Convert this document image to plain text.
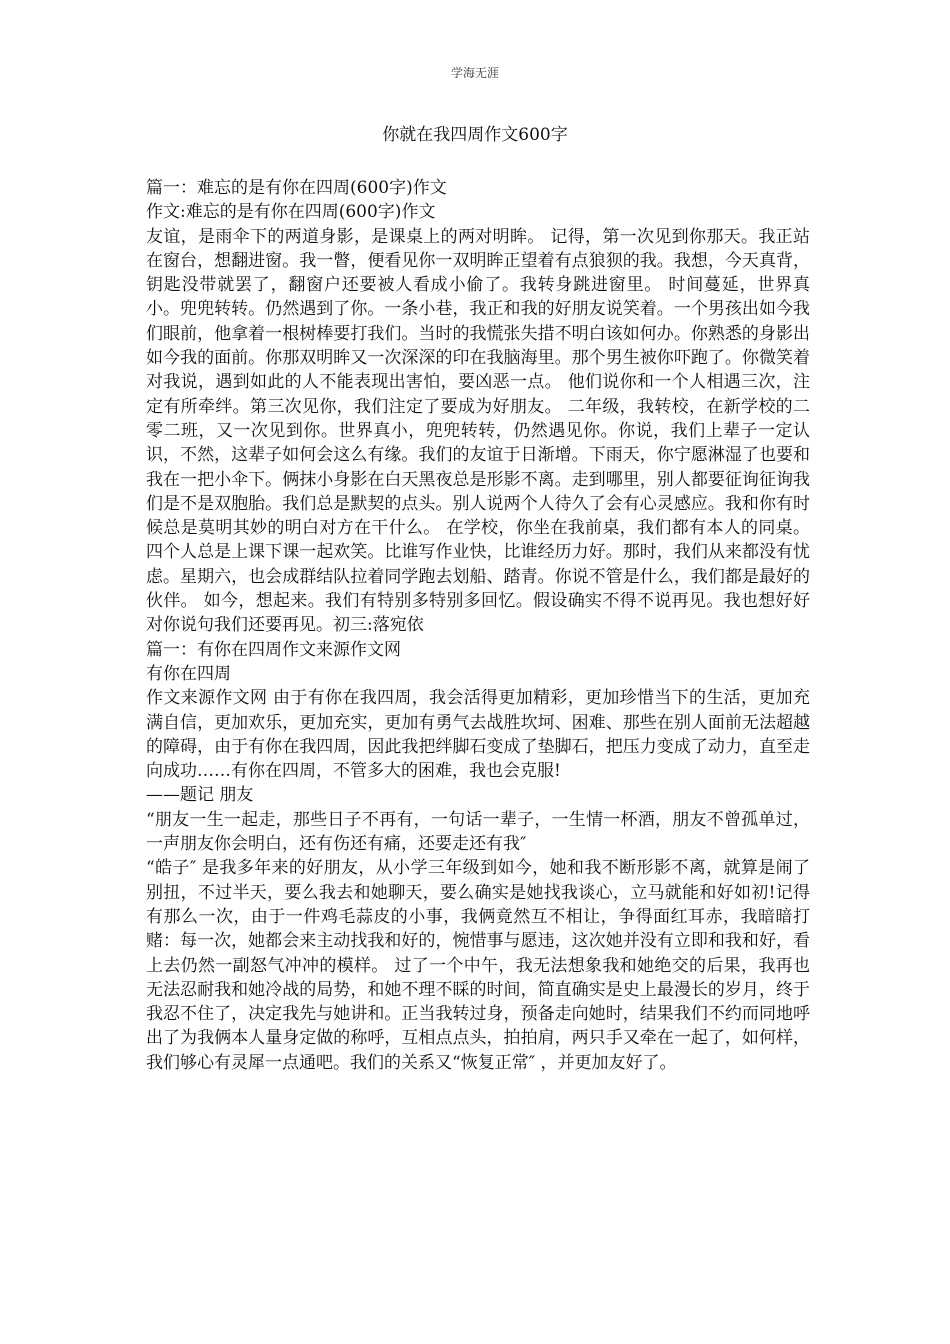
学海无涯
你就在我四周作文600字

篇一：难忘的是有你在四周(600字)作文

作文:难忘的是有你在四周(600字)作文

友谊，是雨伞下的两道身影，是课桌上的两对明眸。 记得，第一次见到你那天。我正站在窗台，想翻进窗。我一瞥，便看见你一双明眸正望着有点狼狈的我。我想，今天真背，钥匙没带就罢了，翻窗户还要被人看成小偷了。我转身跳进窗里。 时间蔓延，世界真小。兜兜转转。仍然遇到了你。一条小巷，我正和我的好朋友说笑着。一个男孩出如今我们眼前，他拿着一根树棒要打我们。当时的我慌张失措不明白该如何办。你熟悉的身影出如今我的面前。你那双明眸又一次深深的印在我脑海里。那个男生被你吓跑了。你微笑着对我说，遇到如此的人不能表现出害怕，要凶恶一点。 他们说你和一个人相遇三次，注定有所牵绊。第三次见你，我们注定了要成为好朋友。 二年级，我转校，在新学校的二零二班，又一次见到你。世界真小，兜兜转转，仍然遇见你。你说，我们上辈子一定认识，不然，这辈子如何会这么有缘。我们的友谊于日渐增。下雨天，你宁愿淋湿了也要和我在一把小伞下。俩抹小身影在白天黑夜总是形影不离。走到哪里，别人都要征询征询我们是不是双胞胎。我们总是默契的点头。别人说两个人待久了会有心灵感应。我和你有时候总是莫明其妙的明白对方在干什么。 在学校，你坐在我前桌，我们都有本人的同桌。四个人总是上课下课一起欢笑。比谁写作业快，比谁经历力好。那时，我们从来都没有忧虑。星期六，也会成群结队拉着同学跑去划船、踏青。你说不管是什么，我们都是最好的伙伴。 如今，想起来。我们有特别多特别多回忆。假设确实不得不说再见。我也想好好对你说句我们还要再见。初三:落宛依

篇一：有你在四周作文来源作文网

有你在四周

作文来源作文网 由于有你在我四周，我会活得更加精彩，更加珍惜当下的生活，更加充满自信，更加欢乐，更加充实，更加有勇气去战胜坎坷、困难、那些在别人面前无法超越的障碍，由于有你在我四周，因此我把绊脚石变成了垫脚石，把压力变成了动力，直至走向成功……有你在四周，不管多大的困难，我也会克服!

——题记 朋友

“朋友一生一起走，那些日子不再有，一句话一辈子，一生情一杯酒，朋友不曾孤单过，一声朋友你会明白，还有伤还有痛，还要走还有我″

“皓子″ 是我多年来的好朋友，从小学三年级到如今，她和我不断形影不离，就算是闹了别扭，不过半天，要么我去和她聊天，要么确实是她找我谈心，立马就能和好如初!记得有那么一次，由于一件鸡毛蒜皮的小事，我俩竟然互不相让，争得面红耳赤，我暗暗打赌：每一次，她都会来主动找我和好的，惋惜事与愿违，这次她并没有立即和我和好，看上去仍然一副怒气冲冲的模样。 过了一个中午，我无法想象我和她绝交的后果，我再也无法忍耐我和她冷战的局势，和她不理不睬的时间，简直确实是史上最漫长的岁月，终于我忍不住了，决定我先与她讲和。正当我转过身，预备走向她时，结果我们不约而同地呼出了为我俩本人量身定做的称呼，互相点点头，拍拍肩，两只手又牵在一起了，如何样，我们够心有灵犀一点通吧。我们的关系又“恢复正常″ ，并更加友好了。
